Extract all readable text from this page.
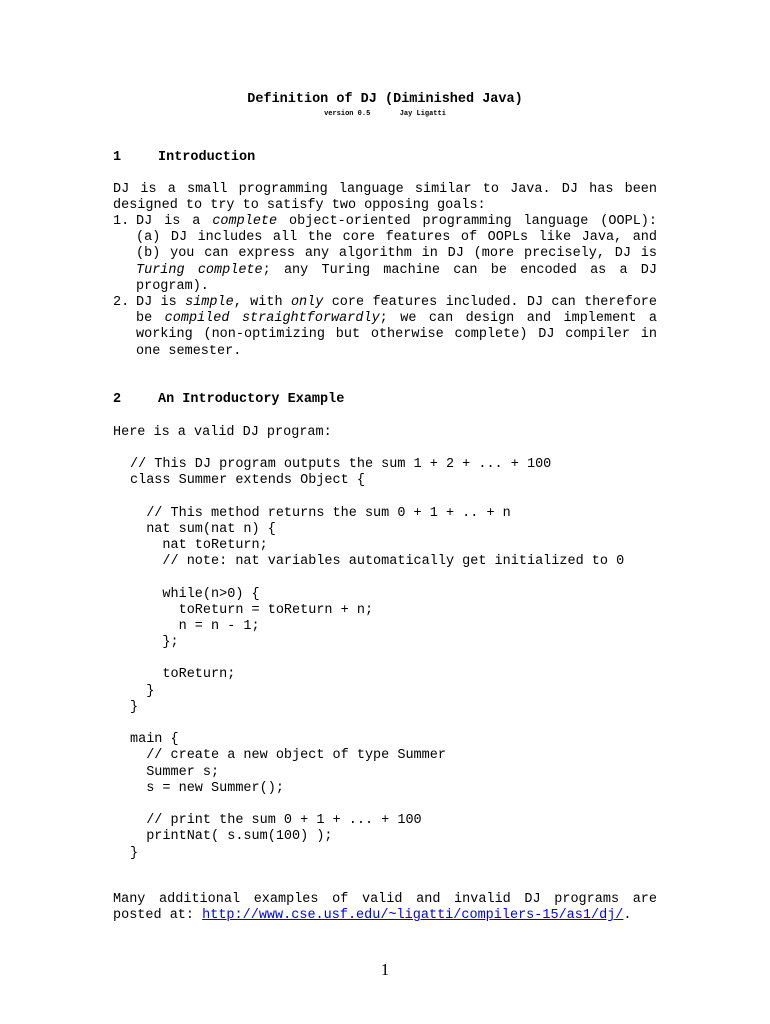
Definition of DJ (Diminished Java)
version 0.5	Jay Ligatti
1	Introduction

DJ is a small programming language similar to Java. DJ has been designed to try to satisfy two opposing goals:

1. DJ is a complete object-oriented programming language (OOPL): (a) DJ includes all the core features of OOPLs like Java, and (b) you can express any algorithm in DJ (more precisely, DJ is Turing complete; any Turing machine can be encoded as a DJ program).
2. DJ is simple, with only core features included. DJ can therefore be compiled straightforwardly; we can design and implement a working (non-optimizing but otherwise complete) DJ compiler in one semester.
2	An Introductory Example

Here is a valid DJ program:

// This DJ program outputs the sum 1 + 2 + ... + 100
class Summer extends Object {
// This method returns the sum 0 + 1 + .. + n
nat sum(nat n) {
nat toReturn;
// note: nat variables automatically get initialized to 0
while(n>0) {
toReturn = toReturn + n;
n = n - 1;
};
toReturn;
}
}
main {
// create a new object of type Summer
Summer s;
s = new Summer();
// print the sum 0 + 1 + ... + 100
printNat( s.sum(100) );
}

Many additional examples of valid and invalid DJ programs are posted at: http://www.cse.usf.edu/~ligatti/compilers-15/as1/dj/.

1
